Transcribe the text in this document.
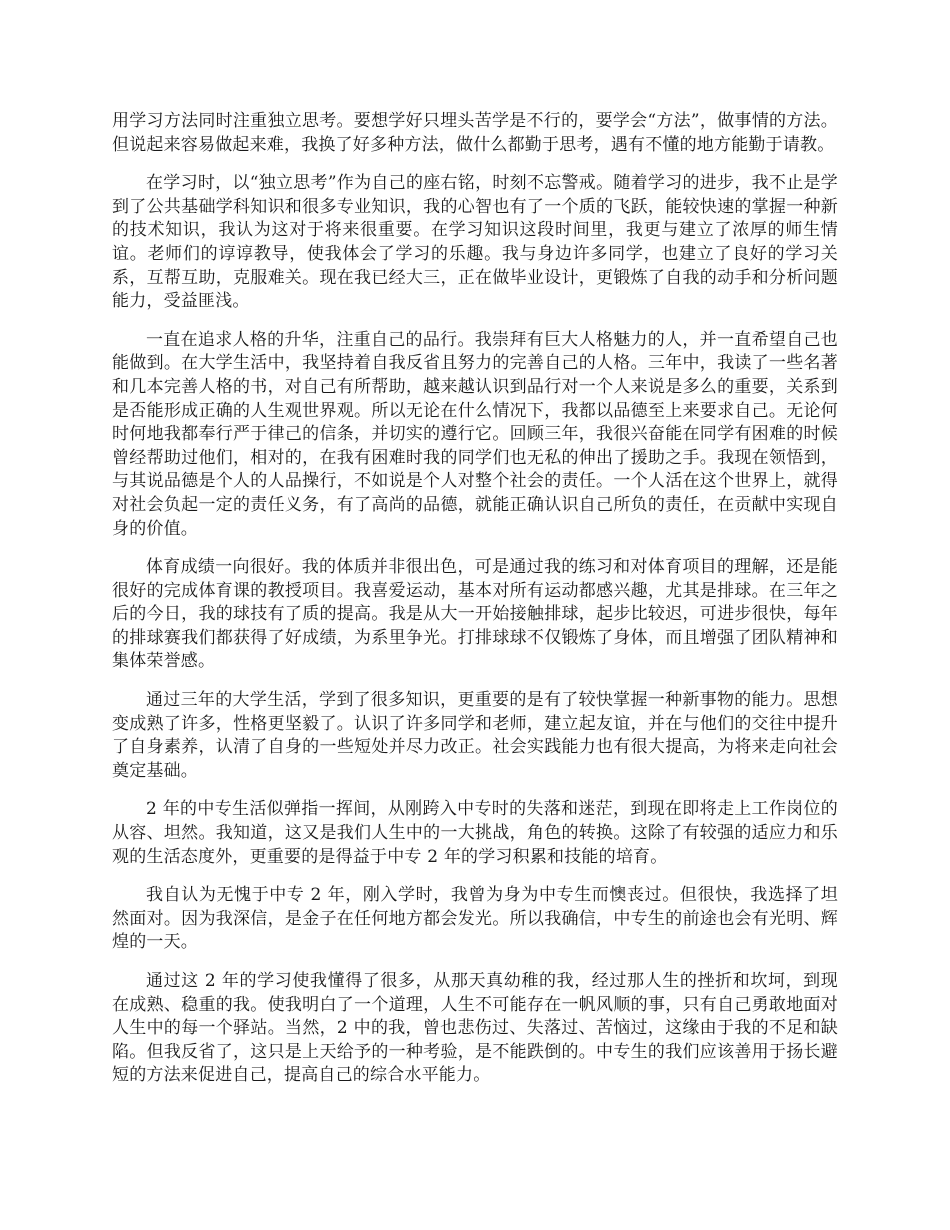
用学习方法同时注重独立思考。要想学好只埋头苦学是不行的，要学会“方法”，做事情的方法。但说起来容易做起来难，我换了好多种方法，做什么都勤于思考，遇有不懂的地方能勤于请教。

在学习时，以“独立思考”作为自己的座右铭，时刻不忘警戒。随着学习的进步，我不止是学到了公共基础学科知识和很多专业知识，我的心智也有了一个质的飞跃，能较快速的掌握一种新的技术知识，我认为这对于将来很重要。在学习知识这段时间里，我更与建立了浓厚的师生情谊。老师们的谆谆教导，使我体会了学习的乐趣。我与身边许多同学，也建立了良好的学习关系，互帮互助，克服难关。现在我已经大三，正在做毕业设计，更锻炼了自我的动手和分析问题能力，受益匪浅。

一直在追求人格的升华，注重自己的品行。我崇拜有巨大人格魅力的人，并一直希望自己也能做到。在大学生活中，我坚持着自我反省且努力的完善自己的人格。三年中，我读了一些名著和几本完善人格的书，对自己有所帮助，越来越认识到品行对一个人来说是多么的重要，关系到是否能形成正确的人生观世界观。所以无论在什么情况下，我都以品德至上来要求自己。无论何时何地我都奉行严于律己的信条，并切实的遵行它。回顾三年，我很兴奋能在同学有困难的时候曾经帮助过他们，相对的，在我有困难时我的同学们也无私的伸出了援助之手。我现在领悟到，与其说品德是个人的人品操行，不如说是个人对整个社会的责任。一个人活在这个世界上，就得对社会负起一定的责任义务，有了高尚的品德，就能正确认识自己所负的责任，在贡献中实现自身的价值。

体育成绩一向很好。我的体质并非很出色，可是通过我的练习和对体育项目的理解，还是能很好的完成体育课的教授项目。我喜爱运动，基本对所有运动都感兴趣，尤其是排球。在三年之后的今日，我的球技有了质的提高。我是从大一开始接触排球，起步比较迟，可进步很快，每年的排球赛我们都获得了好成绩，为系里争光。打排球球不仅锻炼了身体，而且增强了团队精神和集体荣誉感。

通过三年的大学生活，学到了很多知识，更重要的是有了较快掌握一种新事物的能力。思想变成熟了许多，性格更坚毅了。认识了许多同学和老师，建立起友谊，并在与他们的交往中提升了自身素养，认清了自身的一些短处并尽力改正。社会实践能力也有很大提高，为将来走向社会奠定基础。

2 年的中专生活似弹指一挥间，从刚跨入中专时的失落和迷茫，到现在即将走上工作岗位的从容、坦然。我知道，这又是我们人生中的一大挑战，角色的转换。这除了有较强的适应力和乐观的生活态度外，更重要的是得益于中专 2 年的学习积累和技能的培育。

我自认为无愧于中专 2 年，刚入学时，我曾为身为中专生而懊丧过。但很快，我选择了坦然面对。因为我深信，是金子在任何地方都会发光。所以我确信，中专生的前途也会有光明、辉煌的一天。

通过这 2 年的学习使我懂得了很多，从那天真幼稚的我，经过那人生的挫折和坎坷，到现在成熟、稳重的我。使我明白了一个道理，人生不可能存在一帆风顺的事，只有自己勇敢地面对人生中的每一个驿站。当然，2 中的我，曾也悲伤过、失落过、苦恼过，这缘由于我的不足和缺陷。但我反省了，这只是上天给予的一种考验，是不能跌倒的。中专生的我们应该善用于扬长避短的方法来促进自己，提高自己的综合水平能力。
